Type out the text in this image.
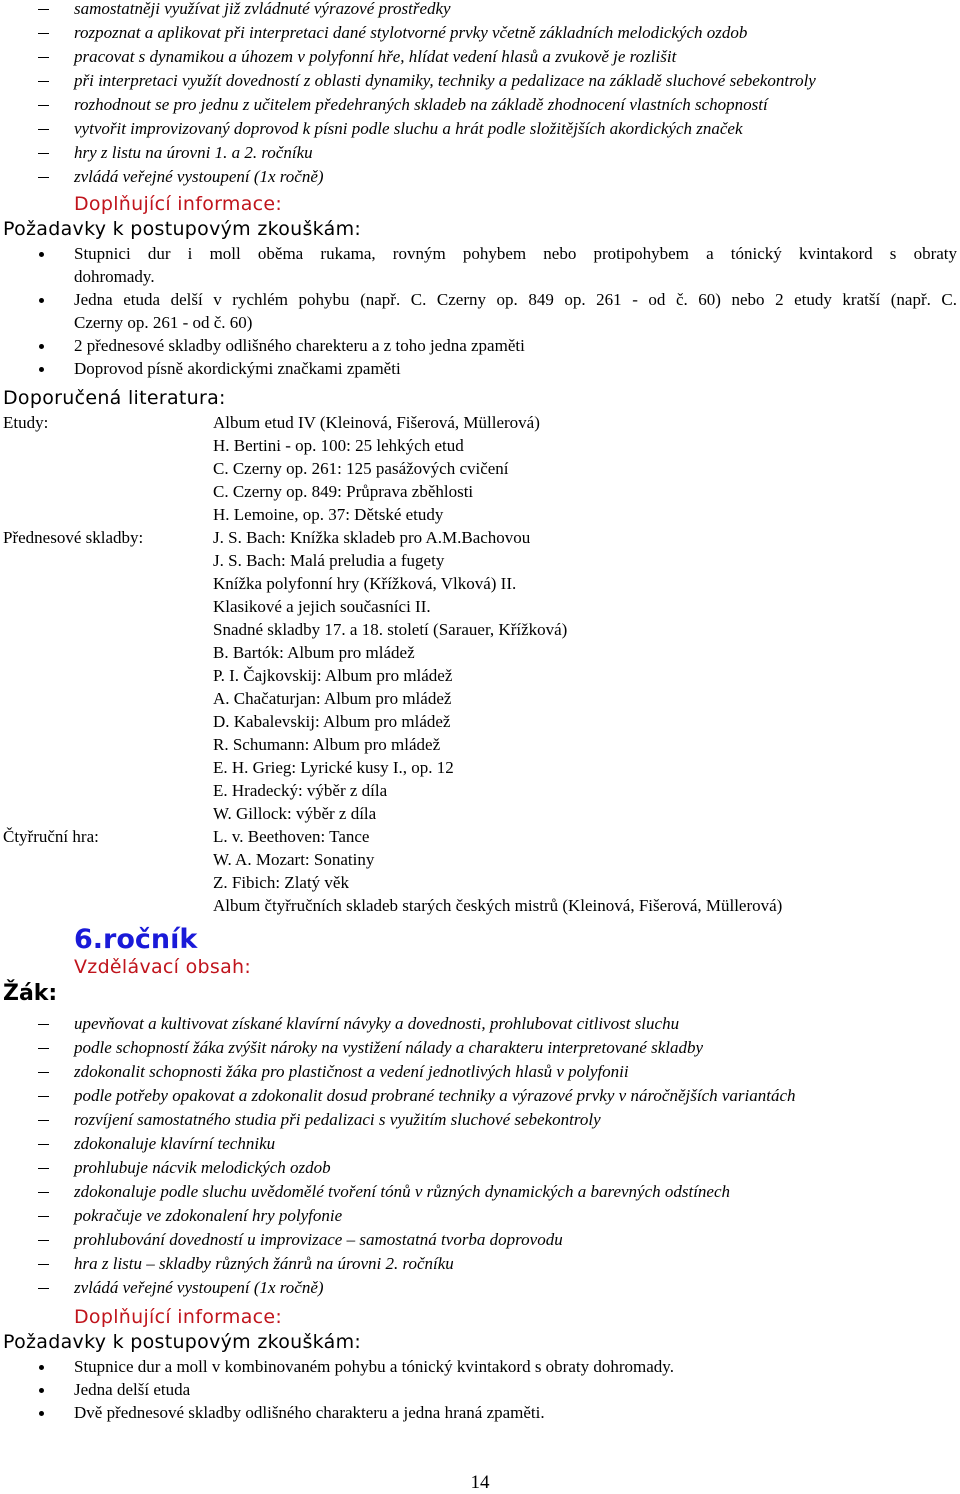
samostatněji využívat již zvládnuté výrazové prostředky
rozpoznat a aplikovat při interpretaci dané stylotvorné prvky včetně základních melodických ozdob
pracovat s dynamikou a úhozem v polyfonní hře, hlídat vedení hlasů a zvukově je rozlišit
při interpretaci využít dovedností z oblasti dynamiky, techniky a pedalizace na základě sluchové sebekontroly
rozhodnout se pro jednu z učitelem předehraných skladeb na základě zhodnocení vlastních schopností
vytvořit improvizovaný doprovod k písni podle sluchu a hrát podle složitějších akordických značek
hry z listu na úrovni 1. a 2. ročníku
zvládá veřejné vystoupení (1x ročně)
Doplňující informace:
Požadavky k postupovým zkouškám:
Stupnici dur i moll oběma rukama, rovným pohybem nebo protipohybem a tónický kvintakord s obraty
dohromady.
Jedna etuda delší v rychlém pohybu (např. C. Czerny op. 849 op. 261 - od č. 60) nebo 2 etudy kratší (např. C.
Czerny op. 261 - od č. 60)
2 přednesové skladby odlišného charekteru a z toho jedna zpaměti
Doprovod písně akordickými značkami zpaměti
Doporučená literatura:
Etudy:	Album etud IV (Kleinová, Fišerová, Müllerová)
H. Bertini - op. 100: 25 lehkých etud
C. Czerny op. 261: 125 pasážových cvičení
C. Czerny op. 849: Průprava zběhlosti
H. Lemoine, op. 37: Dětské etudy
Přednesové skladby:	J. S. Bach: Knížka skladeb pro A.M.Bachovou
J. S. Bach: Malá preludia a fugety
Knížka polyfonní hry (Křížková, Vlková) II.
Klasikové a jejich současníci II.
Snadné skladby 17. a 18. století (Sarauer, Křížková)
B. Bartók: Album pro mládež
P. I. Čajkovskij: Album pro mládež
A. Chačaturjan: Album pro mládež
D. Kabalevskij: Album pro mládež
R. Schumann: Album pro mládež
E. H. Grieg: Lyrické kusy I., op. 12
E. Hradecký: výběr z díla
W. Gillock: výběr z díla
Čtyřruční hra:	L. v. Beethoven: Tance
W. A. Mozart: Sonatiny
Z. Fibich: Zlatý věk
Album čtyřručních skladeb starých českých mistrů (Kleinová, Fišerová, Müllerová)
6.ročník
Vzdělávací obsah:
Žák:
upevňovat a kultivovat získané klavírní návyky a dovednosti, prohlubovat citlivost sluchu
podle schopností žáka zvýšit nároky na vystižení nálady a charakteru interpretované skladby
zdokonalit schopnosti žáka pro plastičnost a vedení jednotlivých hlasů v polyfonii
podle potřeby opakovat a zdokonalit dosud probrané techniky a výrazové prvky v náročnějších variantách
rozvíjení samostatného studia při pedalizaci s využitím sluchové sebekontroly
zdokonaluje klavírní techniku
prohlubuje nácvik melodických ozdob
zdokonaluje podle sluchu uvědomělé tvoření tónů v různých dynamických a barevných odstínech
pokračuje ve zdokonalení hry polyfonie
prohlubování dovedností u improvizace – samostatná tvorba doprovodu
hra z listu – skladby různých žánrů na úrovni 2. ročníku
zvládá veřejné vystoupení (1x ročně)
Doplňující informace:
Požadavky k postupovým zkouškám:
Stupnice dur a moll v kombinovaném pohybu a tónický kvintakord s obraty dohromady.
Jedna delší etuda
Dvě přednesové skladby odlišného charakteru a jedna hraná zpaměti.
14
